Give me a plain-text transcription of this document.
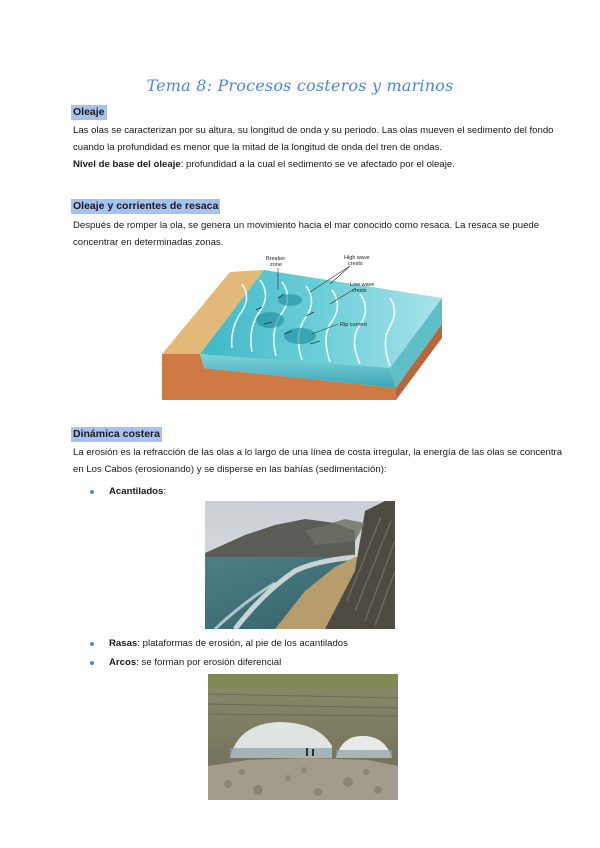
Tema 8: Procesos costeros y marinos
Oleaje
Las olas se caracterizan por su altura, su longitud de onda y su periodo. Las olas mueven el sedimento del fondo
cuando la profundidad es menor que la mitad de la longitud de onda del tren de ondas.
Nivel de base del oleaje: profundidad a la cual el sedimento se ve afectado por el oleaje.
Oleaje y corrientes de resaca
Después de romper la ola, se genera un movimiento hacia el mar conocido como resaca. La resaca se puede
concentrar en determinadas zonas.
Breaker zone
High wave crests
Low wave crests
Rip current
Dinámica costera
La erosión es la refracción de las olas a lo largo de una línea de costa irregular, la energía de las olas se concentra
en Los Cabos (erosionando) y se disperse en las bahías (sedimentación):
Acantilados:
Rasas: plataformas de erosión, al pie de los acantilados
Arcos: se forman por erosión diferencial
